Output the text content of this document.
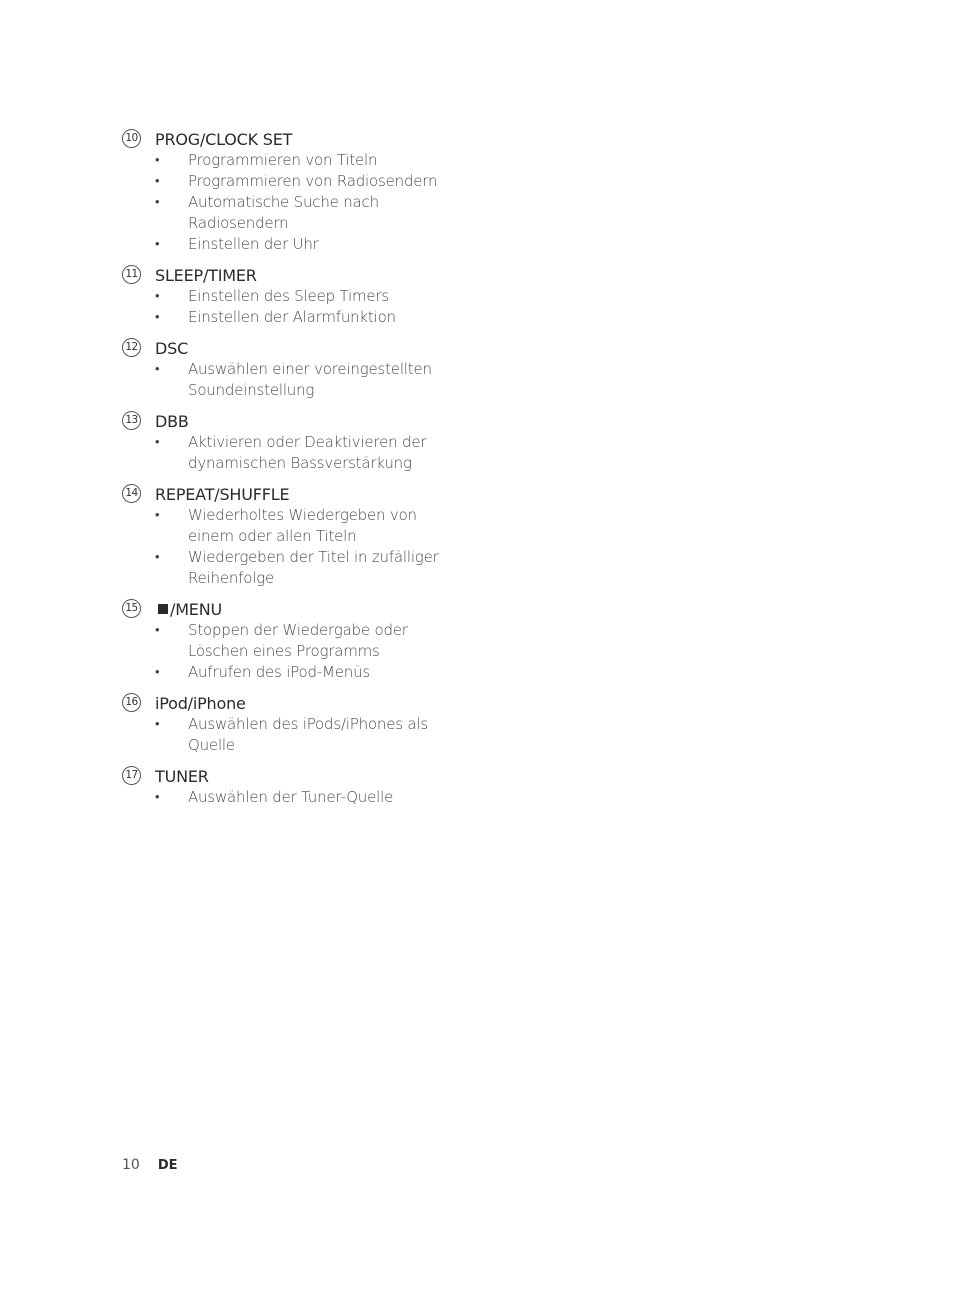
10 PROG/CLOCK SET
• Programmieren von Titeln
• Programmieren von Radiosendern
• Automatische Suche nach
Radiosendern
• Einstellen der Uhr
11 SLEEP/TIMER
• Einstellen des Sleep Timers
• Einstellen der Alarmfunktion
12 DSC
• Auswählen einer voreingestellten
Soundeinstellung
13 DBB
• Aktivieren oder Deaktivieren der
dynamischen Bassverstärkung
14 REPEAT/SHUFFLE
• Wiederholtes Wiedergeben von
einem oder allen Titeln
• Wiedergeben der Titel in zufälliger
Reihenfolge
15 /MENU
• Stoppen der Wiedergabe oder
Löschen eines Programms
• Aufrufen des iPod-Menüs
16 iPod/iPhone
• Auswählen des iPods/iPhones als
Quelle
17 TUNER
• Auswählen der Tuner-Quelle
10 DE
